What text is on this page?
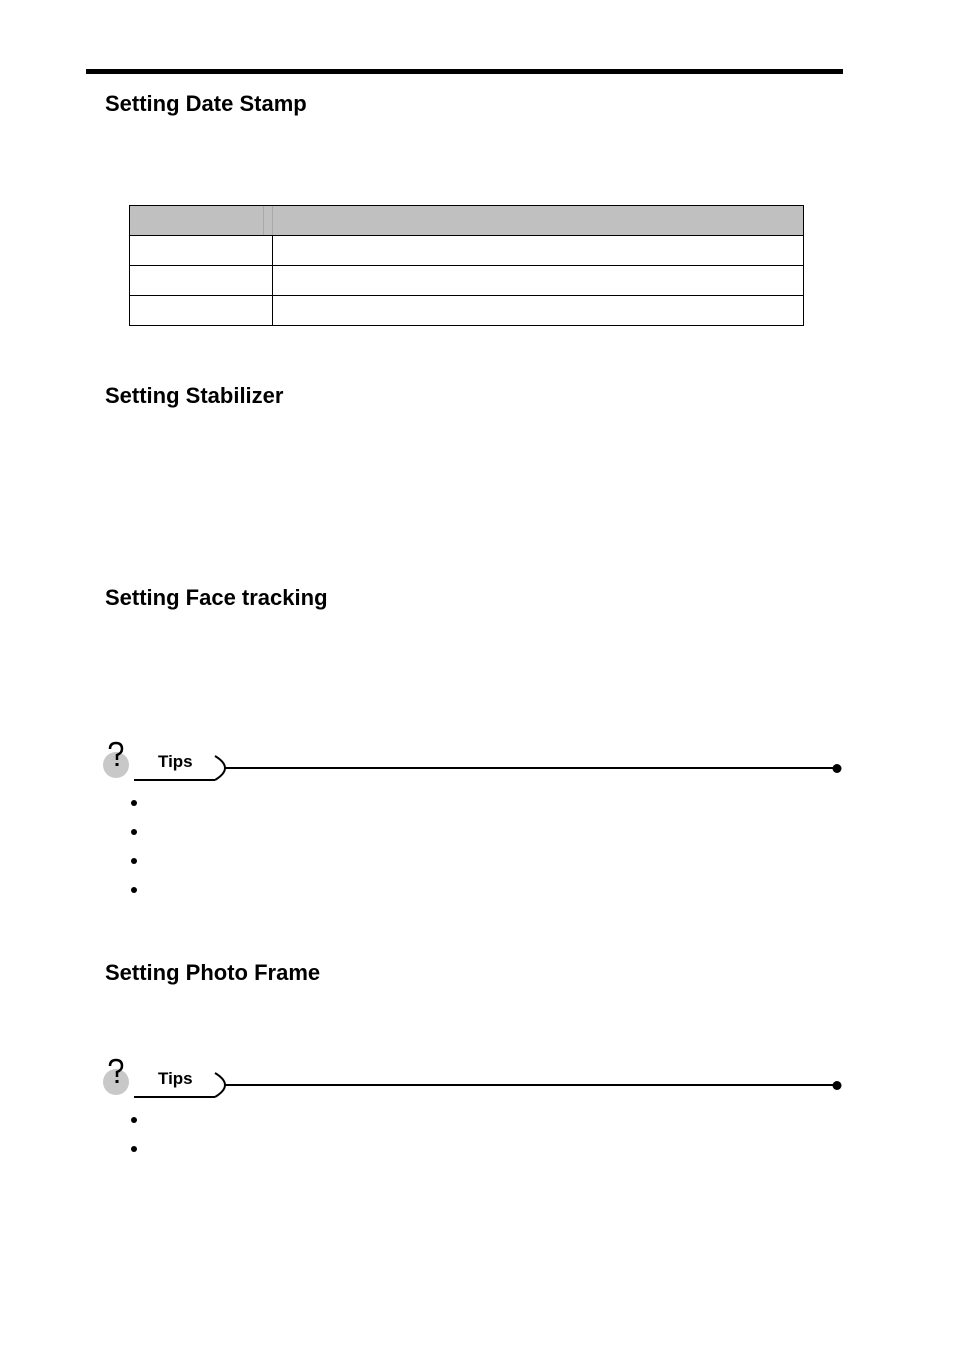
Setting Date Stamp

Setting Stabilizer
Setting Face tracking
Tips
Setting Photo Frame
Tips
